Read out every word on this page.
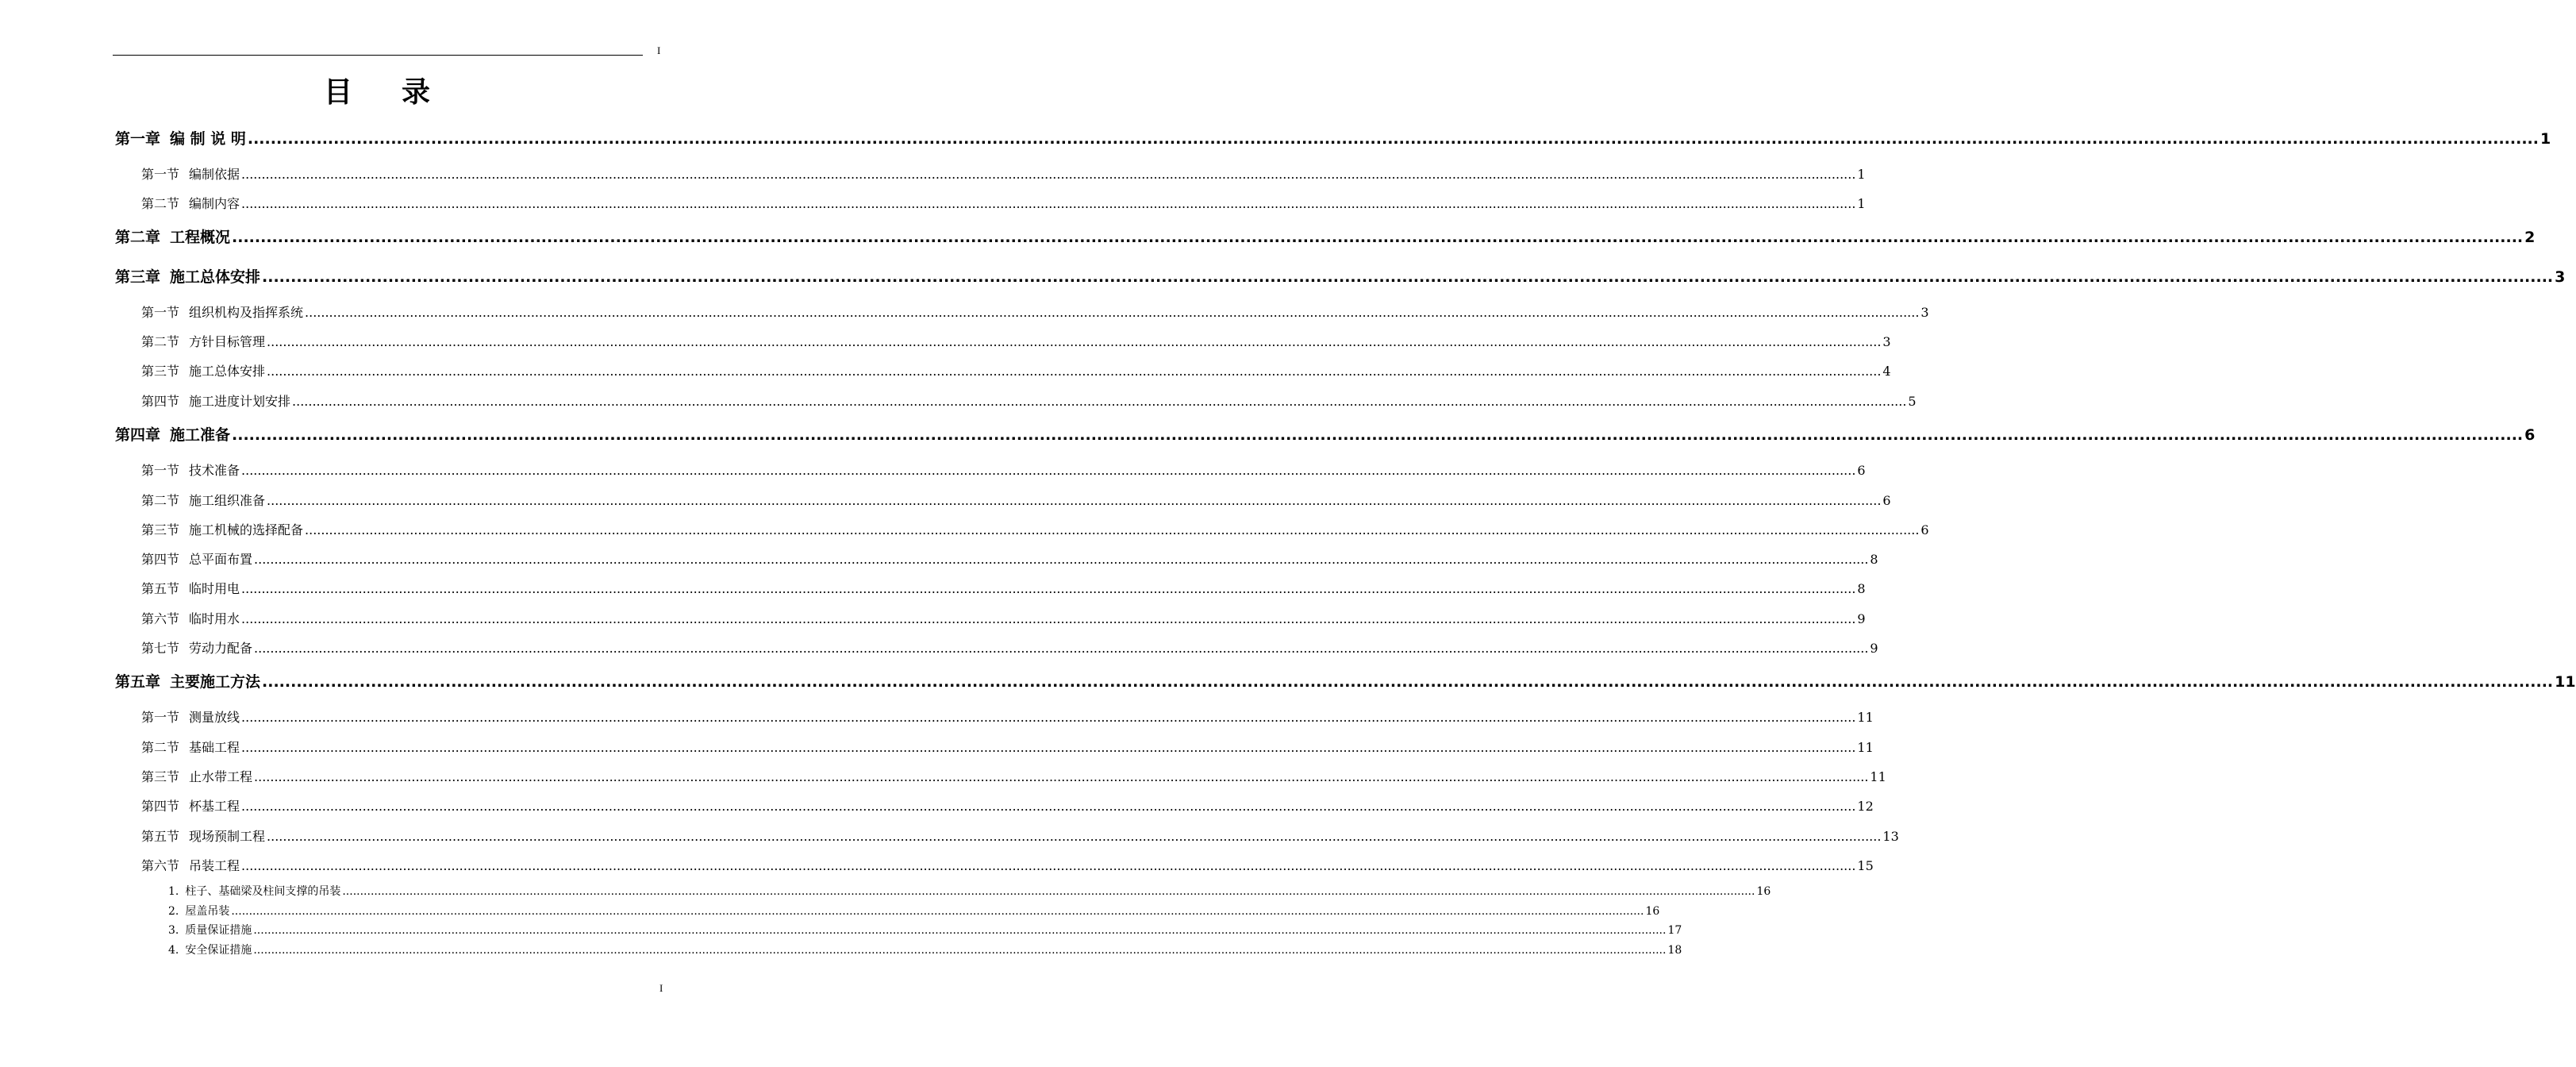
I
目 录
第一章 编 制 说 明 ................................................................................................................................................................................................................................................................................................................................................................................................................ 1
第一节 编制依据 ................................................................................................................................................................................................................................................................................................................................................................................................................ 1
第二节 编制内容 ................................................................................................................................................................................................................................................................................................................................................................................................................ 1
第二章 工程概况 ................................................................................................................................................................................................................................................................................................................................................................................................................ 2
第三章 施工总体安排 ................................................................................................................................................................................................................................................................................................................................................................................................................ 3
第一节 组织机构及指挥系统 ................................................................................................................................................................................................................................................................................................................................................................................................................ 3
第二节 方针目标管理 ................................................................................................................................................................................................................................................................................................................................................................................................................ 3
第三节 施工总体安排 ................................................................................................................................................................................................................................................................................................................................................................................................................ 4
第四节 施工进度计划安排 ................................................................................................................................................................................................................................................................................................................................................................................................................ 5
第四章 施工准备 ................................................................................................................................................................................................................................................................................................................................................................................................................ 6
第一节 技术准备 ................................................................................................................................................................................................................................................................................................................................................................................................................ 6
第二节 施工组织准备 ................................................................................................................................................................................................................................................................................................................................................................................................................ 6
第三节 施工机械的选择配备 ................................................................................................................................................................................................................................................................................................................................................................................................................ 6
第四节 总平面布置 ................................................................................................................................................................................................................................................................................................................................................................................................................ 8
第五节 临时用电 ................................................................................................................................................................................................................................................................................................................................................................................................................ 8
第六节 临时用水 ................................................................................................................................................................................................................................................................................................................................................................................................................ 9
第七节 劳动力配备 ................................................................................................................................................................................................................................................................................................................................................................................................................ 9
第五章 主要施工方法 ................................................................................................................................................................................................................................................................................................................................................................................................................ 11
第一节 测量放线 ................................................................................................................................................................................................................................................................................................................................................................................................................ 11
第二节 基础工程 ................................................................................................................................................................................................................................................................................................................................................................................................................ 11
第三节 止水带工程 ................................................................................................................................................................................................................................................................................................................................................................................................................ 11
第四节 杯基工程 ................................................................................................................................................................................................................................................................................................................................................................................................................ 12
第五节 现场预制工程 ................................................................................................................................................................................................................................................................................................................................................................................................................ 13
第六节 吊装工程 ................................................................................................................................................................................................................................................................................................................................................................................................................ 15
1. 柱子、基础梁及柱间支撑的吊装 ................................................................................................................................................................................................................................................................................................................................................................................................................ 16
2. 屋盖吊装 ................................................................................................................................................................................................................................................................................................................................................................................................................ 16
3. 质量保证措施 ................................................................................................................................................................................................................................................................................................................................................................................................................ 17
4. 安全保证措施 ................................................................................................................................................................................................................................................................................................................................................................................................................ 18
I
